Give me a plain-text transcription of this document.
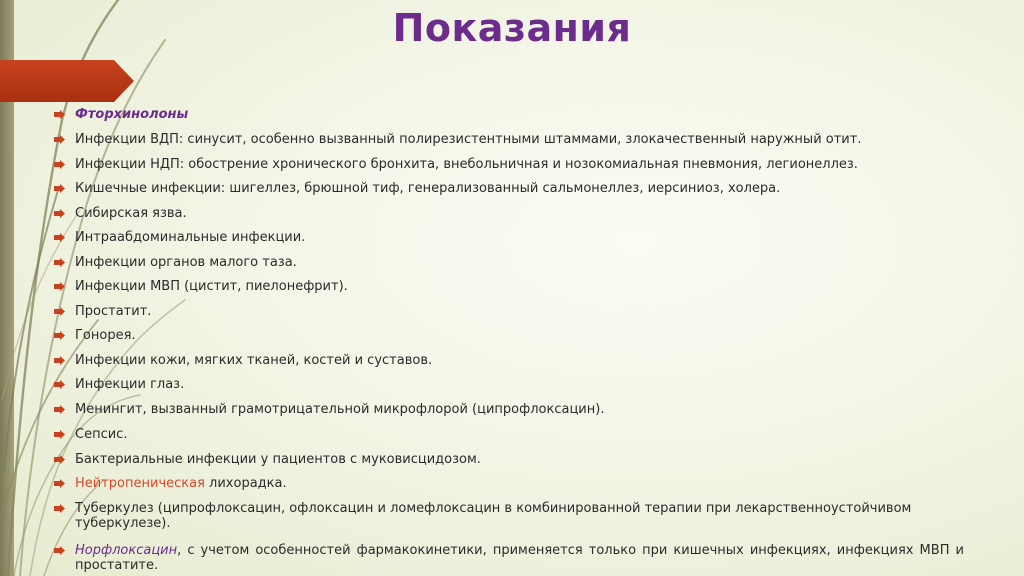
Показания
Фторхинолоны
Инфекции ВДП: синусит, особенно вызванный полирезистентными штаммами, злокачественный наружный отит.
Инфекции НДП: обострение хронического бронхита, внебольничная и нозокомиальная пневмония, легионеллез.
Кишечные инфекции: шигеллез, брюшной тиф, генерализованный сальмонеллез, иерсиниоз, холера.
Сибирская язва.
Интраабдоминальные инфекции.
Инфекции органов малого таза.
Инфекции МВП (цистит, пиелонефрит).
Простатит.
Гонорея.
Инфекции кожи, мягких тканей, костей и суставов.
Инфекции глаз.
Менингит, вызванный грамотрицательной микрофлорой (ципрофлоксацин).
Сепсис.
Бактериальные инфекции у пациентов с муковисцидозом.
Нейтропеническая лихорадка.
Туберкулез (ципрофлоксацин, офлоксацин и ломефлоксацин в комбинированной терапии при лекарственноустойчивом туберкулезе).
Норфлоксацин, с учетом особенностей фармакокинетики, применяется только при кишечных инфекциях, инфекциях МВП и простатите.
